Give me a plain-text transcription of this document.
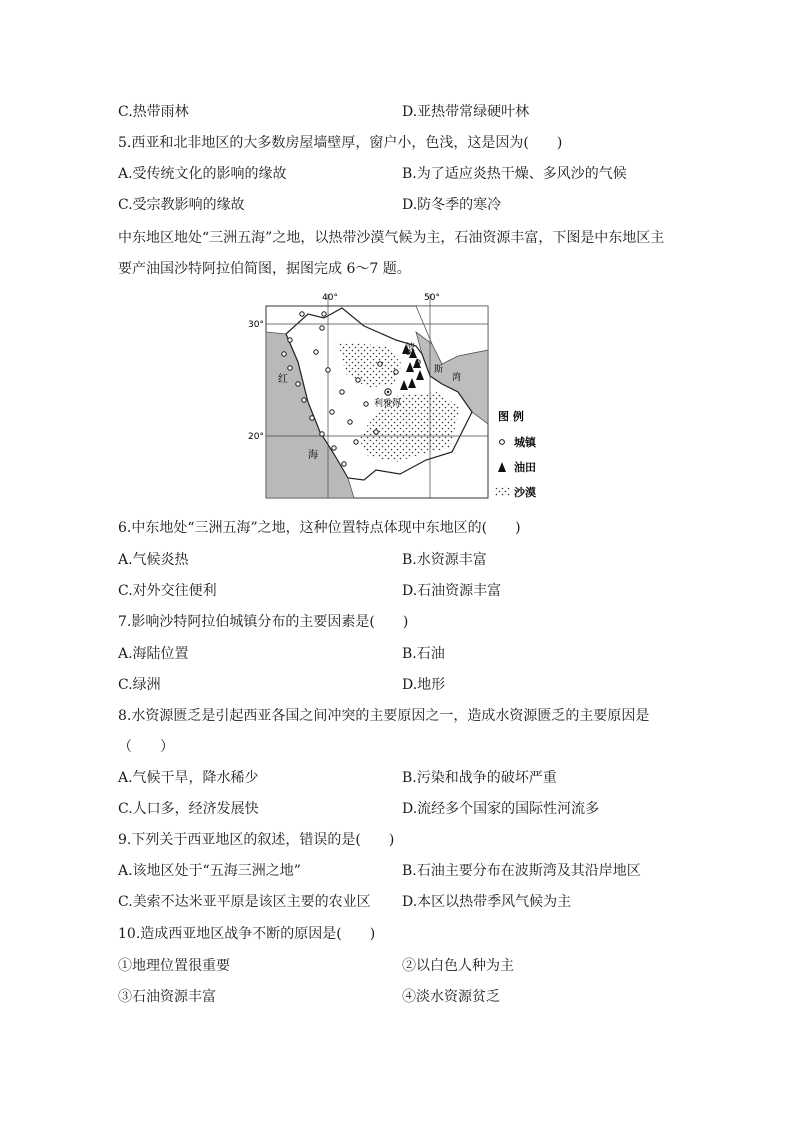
C.热带雨林	D.亚热带常绿硬叶林
5.西亚和北非地区的大多数房屋墙壁厚，窗户小，色浅，这是因为(　　)
A.受传统文化的影响的缘故	B.为了适应炎热干燥、多风沙的气候
C.受宗教影响的缘故	D.防冬季的寒冷
中东地区地处“三洲五海”之地，以热带沙漠气候为主，石油资源丰富，下图是中东地区主
要产油国沙特阿拉伯简图，据图完成 6～7 题。
40°	50°
30°
20°
红
海
波
斯
湾
利雅得
图 例
城镇
油田
沙漠
6.中东地处“三洲五海”之地，这种位置特点体现中东地区的(　　)
A.气候炎热	B.水资源丰富
C.对外交往便利	D.石油资源丰富
7.影响沙特阿拉伯城镇分布的主要因素是(　　)
A.海陆位置	B.石油
C.绿洲	D.地形
8.水资源匮乏是引起西亚各国之间冲突的主要原因之一，造成水资源匮乏的主要原因是
（　　）
A.气候干旱，降水稀少	B.污染和战争的破坏严重
C.人口多，经济发展快	D.流经多个国家的国际性河流多
9.下列关于西亚地区的叙述，错误的是(　　)
A.该地区处于“五海三洲之地”	B.石油主要分布在波斯湾及其沿岸地区
C.美索不达米亚平原是该区主要的农业区 D.本区以热带季风气候为主
10.造成西亚地区战争不断的原因是(　　)
①地理位置很重要	②以白色人种为主
③石油资源丰富	④淡水资源贫乏
